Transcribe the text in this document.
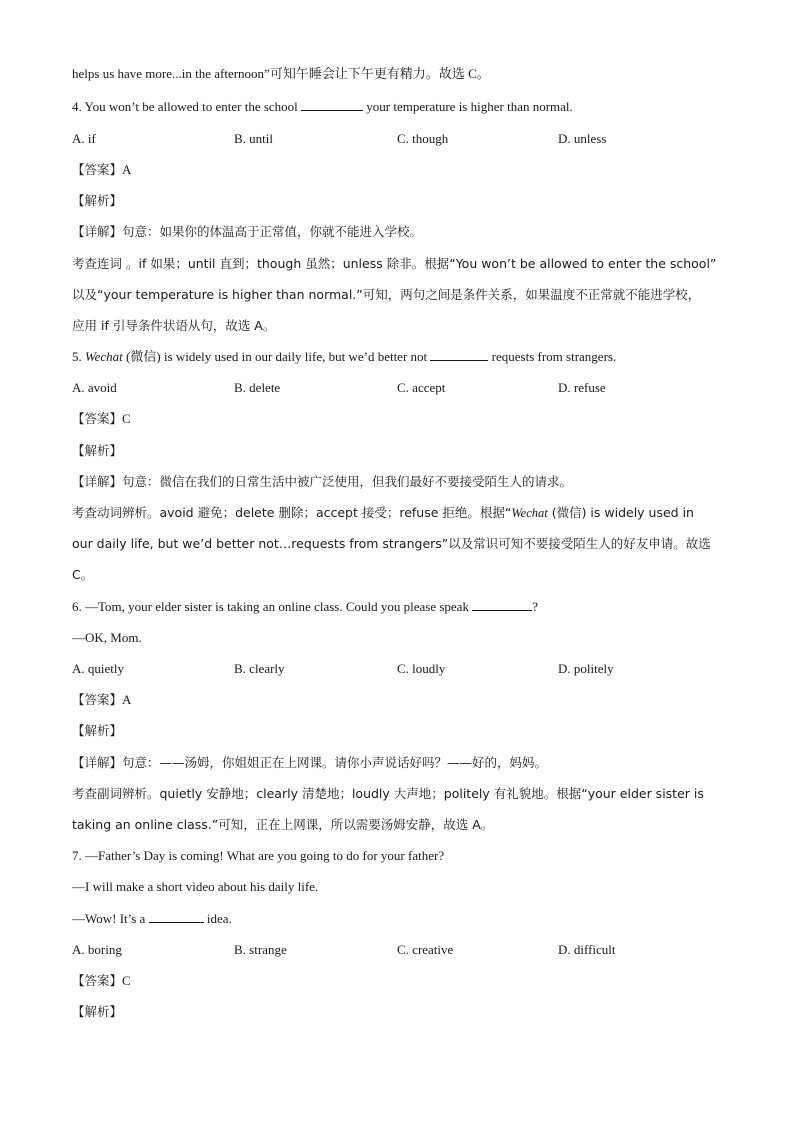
helps us have more...in the afternoon”可知午睡会让下午更有精力。故选 C。
4. You won’t be allowed to enter the school	your temperature is higher than normal.
A. if	B. until	C. though	D. unless
【答案】A
【解析】
【详解】句意：如果你的体温高于正常值，你就不能进入学校。
考查连词 。if 如果；until 直到；though 虽然；unless 除非。根据“You won’t be allowed to enter the school”
以及“your temperature is higher than normal.”可知，两句之间是条件关系，如果温度不正常就不能进学校，
应用 if 引导条件状语从句，故选 A。
5. Wechat (微信) is widely used in our daily life, but we’d better not	requests from strangers.
A. avoid	B. delete	C. accept	D. refuse
【答案】C
【解析】
【详解】句意：微信在我们的日常生活中被广泛使用，但我们最好不要接受陌生人的请求。
考查动词辨析。avoid 避免；delete 删除；accept 接受；refuse 拒绝。根据“Wechat (微信) is widely used in
our daily life, but we’d better not…requests from strangers”以及常识可知不要接受陌生人的好友申请。故选
C。
6. —Tom, your elder sister is taking an online class. Could you please speak	?
—OK, Mom.
A. quietly	B. clearly	C. loudly	D. politely
【答案】A
【解析】
【详解】句意：——汤姆，你姐姐正在上网课。请你小声说话好吗？——好的，妈妈。
考查副词辨析。quietly 安静地；clearly 清楚地；loudly 大声地；politely 有礼貌地。根据“your elder sister is
taking an online class.”可知，正在上网课，所以需要汤姆安静，故选 A。
7. —Father’s Day is coming! What are you going to do for your father?
—I will make a short video about his daily life.
—Wow! It’s a	idea.
A. boring	B. strange	C. creative	D. difficult
【答案】C
【解析】
